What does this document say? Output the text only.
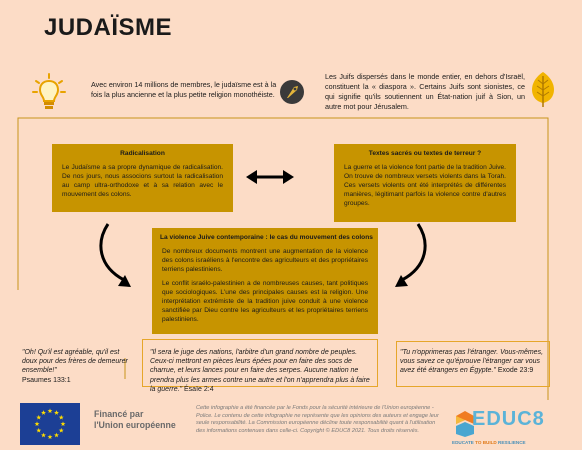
JUDAÏSME

Avec environ 14 millions de membres, le judaïsme est à la fois la plus ancienne et la plus petite religion monothéiste.

Les Juifs dispersés dans le monde entier, en dehors d'Israël, constituent la « diaspora ». Certains Juifs sont sionistes, ce qui signifie qu'ils soutiennent un État-nation juif à Sion, un autre mot pour Jérusalem.

Radicalisation
Le Judaïsme a sa propre dynamique de radicalisation. De nos jours, nous associons surtout la radicalisation au camp ultra-orthodoxe et à sa relation avec le mouvement des colons.
Textes sacrés ou textes de terreur ?
La guerre et la violence font partie de la tradition Juive. On trouve de nombreux versets violents dans la Torah. Ces versets violents ont été interprétés de différentes manières, légitimant parfois la violence contre d'autres groupes.
La violence Juive contemporaine : le cas du mouvement des colons
De nombreux documents montrent une augmentation de la violence des colons israéliens à l'encontre des agriculteurs et des propriétaires terriens palestiniens.
Le conflit israélo-palestinien a de nombreuses causes, tant politiques que sociologiques. L'une des principales causes est la religion. Une interprétation extrémiste de la tradition juive conduit à une violence sanctifiée par Dieu contre les agriculteurs et les propriétaires terriens palestiniens.
"Oh! Qu'il est agréable, qu'il est doux pour des frères de demeurer ensemble!"
Psaumes 133:1
"Il sera le juge des nations, l'arbitre d'un grand nombre de peuples. Ceux-ci mettront en pièces leurs épées pour en faire des socs de charrue, et leurs lances pour en faire des serpes. Aucune nation ne prendra plus les armes contre une autre et l'on n'apprendra plus à faire la guerre." Ésaïe 2:4
"Tu n'opprimeras pas l'étranger. Vous-mêmes, vous savez ce qu'éprouve l'étranger car vous avez été étrangers en Égypte." Exode 23:9
Financé par
l'Union européenne
Cette infographie a été financée par le Fonds pour la sécurité intérieure de l'Union européenne - Police. Le contenu de cette infographie ne représente que les opinions des auteurs et engage leur seule responsabilité. La Commission européenne décline toute responsabilité quant à l'utilisation des informations contenues dans celle-ci. Copyright © EDUC8 2021. Tous droits réservés.
EDUC8
EDUCATE TO BUILD RESILIENCE
